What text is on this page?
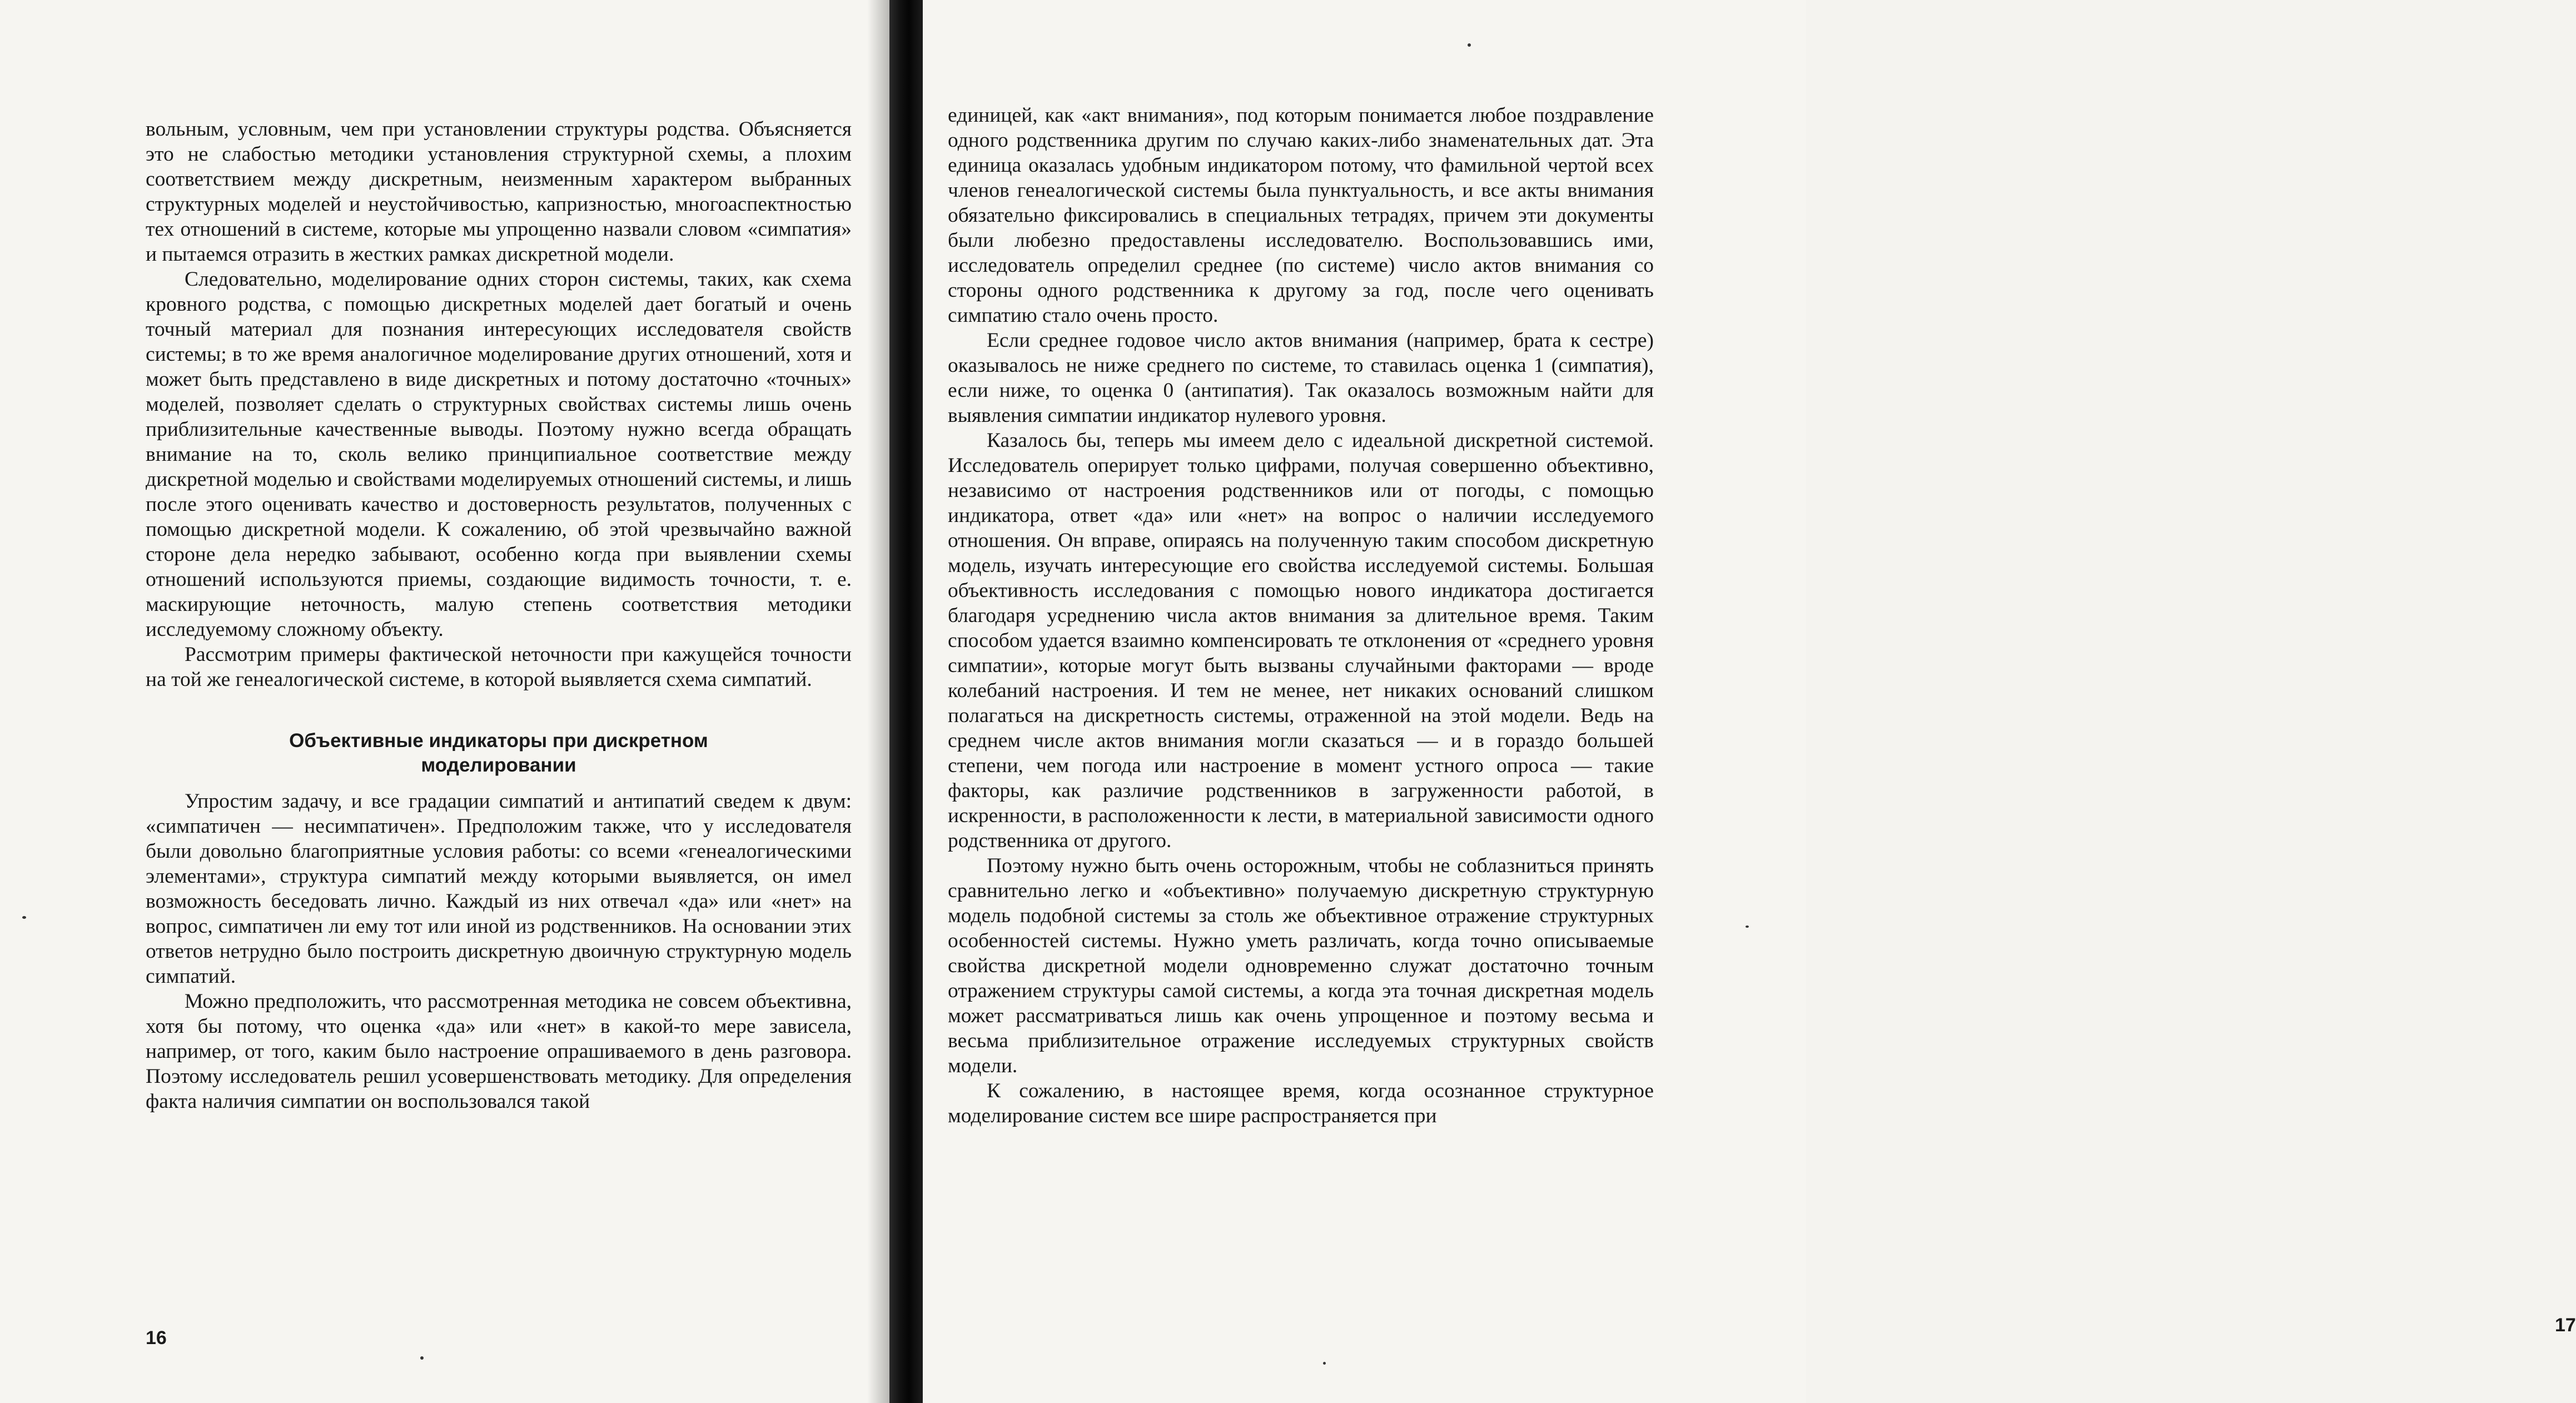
вольным, условным, чем при установлении структуры родства. Объясняется это не слабостью методики установления структурной схемы, а плохим соответствием между дискретным, неизменным характером выбранных структурных моделей и неустойчивостью, капризностью, многоаспектностью тех отношений в системе, которые мы упрощенно назвали словом «симпатия» и пытаемся отразить в жестких рамках дискретной модели.

Следовательно, моделирование одних сторон системы, таких, как схема кровного родства, с помощью дискретных моделей дает богатый и очень точный материал для познания интересующих исследователя свойств системы; в то же время аналогичное моделирование других отношений, хотя и может быть представлено в виде дискретных и потому достаточно «точных» моделей, позволяет сделать о структурных свойствах системы лишь очень приблизительные качественные выводы. Поэтому нужно всегда обращать внимание на то, сколь велико принципиальное соответствие между дискретной моделью и свойствами моделируемых отношений системы, и лишь после этого оценивать качество и достоверность результатов, полученных с помощью дискретной модели. К сожалению, об этой чрезвычайно важной стороне дела нередко забывают, особенно когда при выявлении схемы отношений используются приемы, создающие видимость точности, т. е. маскирующие неточность, малую степень соответствия методики исследуемому сложному объекту.

Рассмотрим примеры фактической неточности при кажущейся точности на той же генеалогической системе, в которой выявляется схема симпатий.

Объективные индикаторы при дискретном
моделировании

Упростим задачу, и все градации симпатий и антипатий сведем к двум: «симпатичен — несимпатичен». Предположим также, что у исследователя были довольно благоприятные условия работы: со всеми «генеалогическими элементами», структура симпатий между которыми выявляется, он имел возможность беседовать лично. Каждый из них отвечал «да» или «нет» на вопрос, симпатичен ли ему тот или иной из родственников. На основании этих ответов нетрудно было построить дискретную двоичную структурную модель симпатий.

Можно предположить, что рассмотренная методика не совсем объективна, хотя бы потому, что оценка «да» или «нет» в какой-то мере зависела, например, от того, каким было настроение опрашиваемого в день разговора. Поэтому исследователь решил усовершенствовать методику. Для определения факта наличия симпатии он воспользовался такой

16
17

единицей, как «акт внимания», под которым понимается любое поздравление одного родственника другим по случаю каких-либо знаменательных дат. Эта единица оказалась удобным индикатором потому, что фамильной чертой всех членов генеалогической системы была пунктуальность, и все акты внимания обязательно фиксировались в специальных тетрадях, причем эти документы были любезно предоставлены исследователю. Воспользовавшись ими, исследователь определил среднее (по системе) число актов внимания со стороны одного родственника к другому за год, после чего оценивать симпатию стало очень просто.

Если среднее годовое число актов внимания (например, брата к сестре) оказывалось не ниже среднего по системе, то ставилась оценка 1 (симпатия), если ниже, то оценка 0 (антипатия). Так оказалось возможным найти для выявления симпатии индикатор нулевого уровня.

Казалось бы, теперь мы имеем дело с идеальной дискретной системой. Исследователь оперирует только цифрами, получая совершенно объективно, независимо от настроения родственников или от погоды, с помощью индикатора, ответ «да» или «нет» на вопрос о наличии исследуемого отношения. Он вправе, опираясь на полученную таким способом дискретную модель, изучать интересующие его свойства исследуемой системы. Большая объективность исследования с помощью нового индикатора достигается благодаря усреднению числа актов внимания за длительное время. Таким способом удается взаимно компенсировать те отклонения от «среднего уровня симпатии», которые могут быть вызваны случайными факторами — вроде колебаний настроения. И тем не менее, нет никаких оснований слишком полагаться на дискретность системы, отраженной на этой модели. Ведь на среднем числе актов внимания могли сказаться — и в гораздо большей степени, чем погода или настроение в момент устного опроса — такие факторы, как различие родственников в загруженности работой, в искренности, в расположенности к лести, в материальной зависимости одного родственника от другого.

Поэтому нужно быть очень осторожным, чтобы не соблазниться принять сравнительно легко и «объективно» получаемую дискретную структурную модель подобной системы за столь же объективное отражение структурных особенностей системы. Нужно уметь различать, когда точно описываемые свойства дискретной модели одновременно служат достаточно точным отражением структуры самой системы, а когда эта точная дискретная модель может рассматриваться лишь как очень упрощенное и поэтому весьма и весьма приблизительное отражение исследуемых структурных свойств модели.

К сожалению, в настоящее время, когда осознанное структурное моделирование систем все шире распространяется при
